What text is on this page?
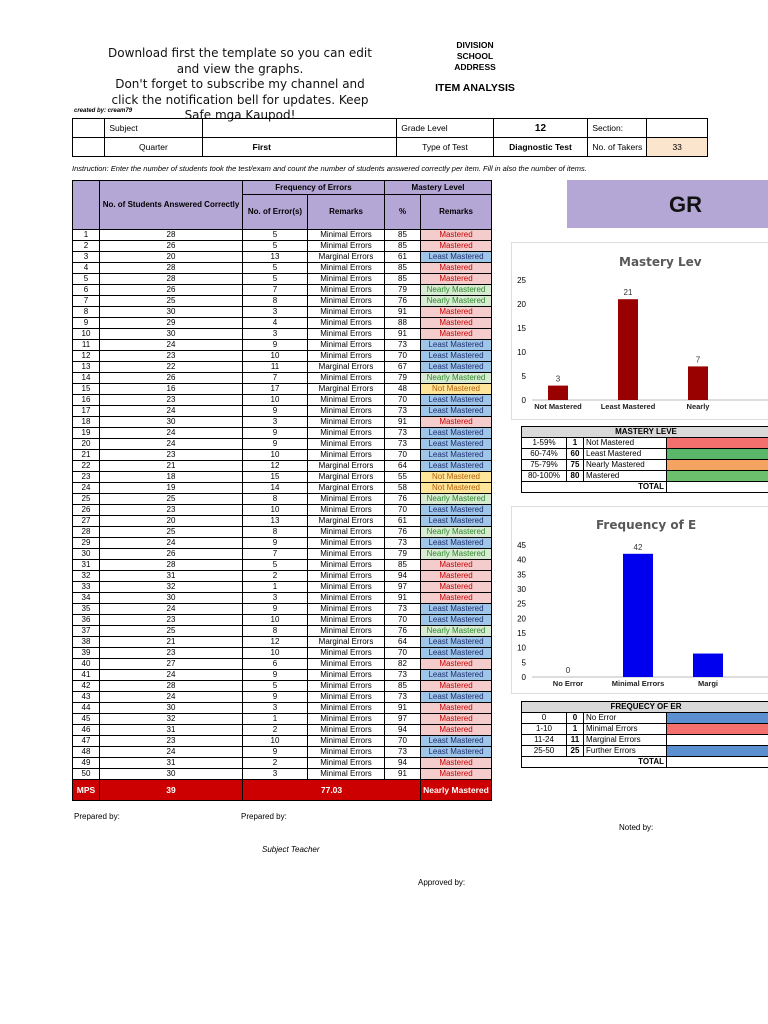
Download first the template so you can edit
and view the graphs.
Don't forget to subscribe my channel and
click the notification bell for updates. Keep
Safe mga Kaupod!
created by: cream79
DIVISION
SCHOOL
ADDRESS
ITEM ANALYSIS
	Subject		Grade Level	12	Section:	
	Quarter	First	Type of Test	Diagnostic Test	No. of Takers	33
Instruction: Enter the number of students took the test/exam and count the number of students answered correctly per item. Fill in also the number of items.
	No. of Students Answered Correctly	Frequency of Errors		Mastery Level	
		No. of Error(s)	Remarks	%	Remarks
1	28	5	Minimal Errors	85	Mastered
2	26	5	Minimal Errors	85	Mastered
3	20	13	Marginal Errors	61	Least Mastered
4	28	5	Minimal Errors	85	Mastered
5	28	5	Minimal Errors	85	Mastered
6	26	7	Minimal Errors	79	Nearly Mastered
7	25	8	Minimal Errors	76	Nearly Mastered
8	30	3	Minimal Errors	91	Mastered
9	29	4	Minimal Errors	88	Mastered
10	30	3	Minimal Errors	91	Mastered
11	24	9	Minimal Errors	73	Least Mastered
12	23	10	Minimal Errors	70	Least Mastered
13	22	11	Marginal Errors	67	Least Mastered
14	26	7	Minimal Errors	79	Nearly Mastered
15	16	17	Marginal Errors	48	Not Mastered
16	23	10	Minimal Errors	70	Least Mastered
17	24	9	Minimal Errors	73	Least Mastered
18	30	3	Minimal Errors	91	Mastered
19	24	9	Minimal Errors	73	Least Mastered
20	24	9	Minimal Errors	73	Least Mastered
21	23	10	Minimal Errors	70	Least Mastered
22	21	12	Marginal Errors	64	Least Mastered
23	18	15	Marginal Errors	55	Not Mastered
24	19	14	Marginal Errors	58	Not Mastered
25	25	8	Minimal Errors	76	Nearly Mastered
26	23	10	Minimal Errors	70	Least Mastered
27	20	13	Marginal Errors	61	Least Mastered
28	25	8	Minimal Errors	76	Nearly Mastered
29	24	9	Minimal Errors	73	Least Mastered
30	26	7	Minimal Errors	79	Nearly Mastered
31	28	5	Minimal Errors	85	Mastered
32	31	2	Minimal Errors	94	Mastered
33	32	1	Minimal Errors	97	Mastered
34	30	3	Minimal Errors	91	Mastered
35	24	9	Minimal Errors	73	Least Mastered
36	23	10	Minimal Errors	70	Least Mastered
37	25	8	Minimal Errors	76	Nearly Mastered
38	21	12	Marginal Errors	64	Least Mastered
39	23	10	Minimal Errors	70	Least Mastered
40	27	6	Minimal Errors	82	Mastered
41	24	9	Minimal Errors	73	Least Mastered
42	28	5	Minimal Errors	85	Mastered
43	24	9	Minimal Errors	73	Least Mastered
44	30	3	Minimal Errors	91	Mastered
45	32	1	Minimal Errors	97	Mastered
46	31	2	Minimal Errors	94	Mastered
47	23	10	Minimal Errors	70	Least Mastered
48	24	9	Minimal Errors	73	Least Mastered
49	31	2	Minimal Errors	94	Mastered
50	30	3	Minimal Errors	91	Mastered
MPS	39	77.03			Nearly Mastered
GR
Mastery Lev
0
5
10
15
20
25
3
Not Mastered
21
Least Mastered
7
Nearly
MASTERY LEVE			
1-59%	1	Not Mastered	
60-74%	60	Least Mastered	
75-79%	75	Nearly Mastered	
80-100%	80	Mastered	
TOTAL			
Frequency of E
0
5
10
15
20
25
30
35
40
45
0
No Error
42
Minimal Errors	Margi
FREQUECY OF ER			
0	0	No Error	
1-10	1	Minimal Errors	
11-24	11	Marginal Errors	
25-50	25	Further Errors	
TOTAL			
Prepared by:	Prepared by:
Noted by:
Subject Teacher
Approved by:
